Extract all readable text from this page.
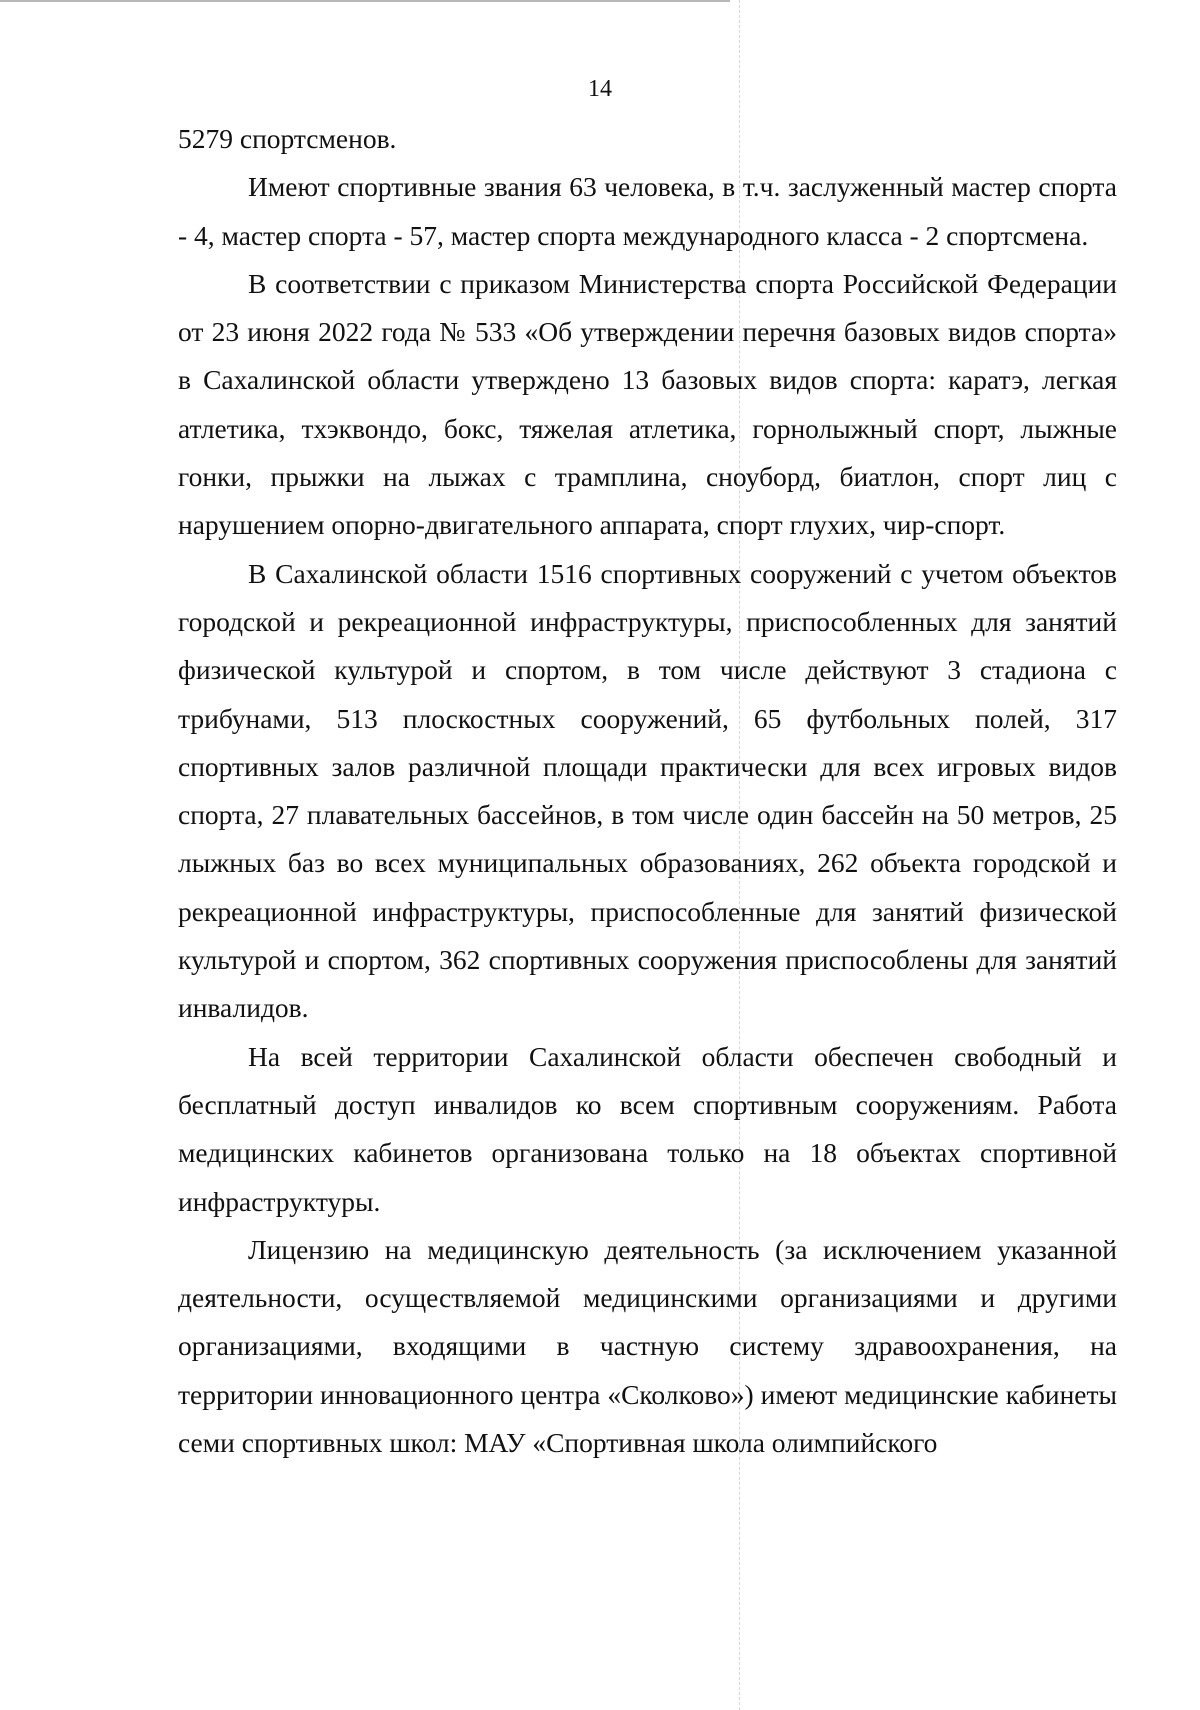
14

5279 спортсменов.

Имеют спортивные звания 63 человека, в т.ч. заслуженный мастер спорта - 4, мастер спорта - 57, мастер спорта международного класса - 2 спортсмена.

В соответствии с приказом Министерства спорта Российской Федерации от 23 июня 2022 года № 533 «Об утверждении перечня базовых видов спорта» в Сахалинской области утверждено 13 базовых видов спорта: каратэ, легкая атлетика, тхэквондо, бокс, тяжелая атлетика, горнолыжный спорт, лыжные гонки, прыжки на лыжах с трамплина, сноуборд, биатлон, спорт лиц с нарушением опорно-двигательного аппарата, спорт глухих, чир-спорт.

В Сахалинской области 1516 спортивных сооружений с учетом объектов городской и рекреационной инфраструктуры, приспособленных для занятий физической культурой и спортом, в том числе действуют 3 стадиона с трибунами, 513 плоскостных сооружений, 65 футбольных полей, 317 спортивных залов различной площади практически для всех игровых видов спорта, 27 плавательных бассейнов, в том числе один бассейн на 50 метров, 25 лыжных баз во всех муниципальных образованиях, 262 объекта городской и рекреационной инфраструктуры, приспособленные для занятий физической культурой и спортом, 362 спортивных сооружения приспособлены для занятий инвалидов.

На всей территории Сахалинской области обеспечен свободный и бесплатный доступ инвалидов ко всем спортивным сооружениям. Работа медицинских кабинетов организована только на 18 объектах спортивной инфраструктуры.

Лицензию на медицинскую деятельность (за исключением указанной деятельности, осуществляемой медицинскими организациями и другими организациями, входящими в частную систему здравоохранения, на территории инновационного центра «Сколково») имеют медицинские кабинеты семи спортивных школ: МАУ «Спортивная школа олимпийского
